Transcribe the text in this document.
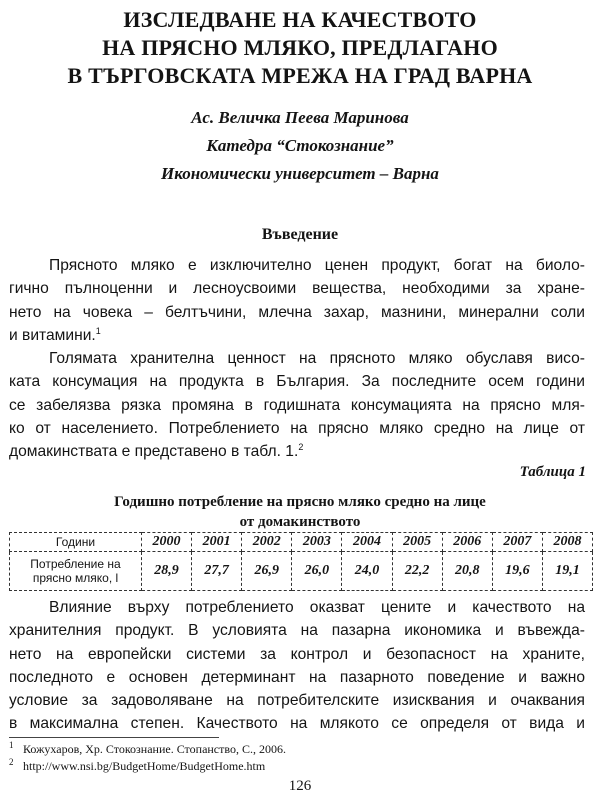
ИЗСЛЕДВАНЕ НА КАЧЕСТВОТО
НА ПРЯСНО МЛЯКО, ПРЕДЛАГАНО
В ТЪРГОВСКАТА МРЕЖА НА ГРАД ВАРНА
Ас. Величка Пеева Маринова
Катедра “Стокознание”
Икономически университет – Варна
Въведение
Прясното мляко е изключително ценен продукт, богат на биоло-
гично пълноценни и лесноусвоими вещества, необходими за хране-
нето на човека – белтъчини, млечна захар, мазнини, минерални соли
и витамини.$^1$
Голямата хранителна ценност на прясното мляко обуславя висо-
ката консумация на продукта в България. За последните осем години
се забелязва рязка промяна в годишната консумацията на прясно мля-
ко от населението. Потреблението на прясно мляко средно на лице от
домакинствата е представено в табл. 1.$^2$
Таблица 1
Годишно потребление на прясно мляко средно на лице
от домакинството
Години	2000	2001	2002	2003	2004	2005	2006	2007	2008

Потребление на
прясно мляко, l	28,9	27,7	26,9	26,0	24,0	22,2	20,8	19,6	19,1
Влияние върху потреблението оказват цените и качеството на
хранителния продукт. В условията на пазарна икономика и въвежда-
нето на европейски системи за контрол и безопасност на храните,
последното е основен детерминант на пазарното поведение и важно
условие за задоволяване на потребителските изисквания и очаквания
в максимална степен. Качеството на млякото се определя от вида и
1 Кожухаров, Хр. Стокознание. Стопанство, С., 2006.
2 http://www.nsi.bg/BudgetHome/BudgetHome.htm
126
